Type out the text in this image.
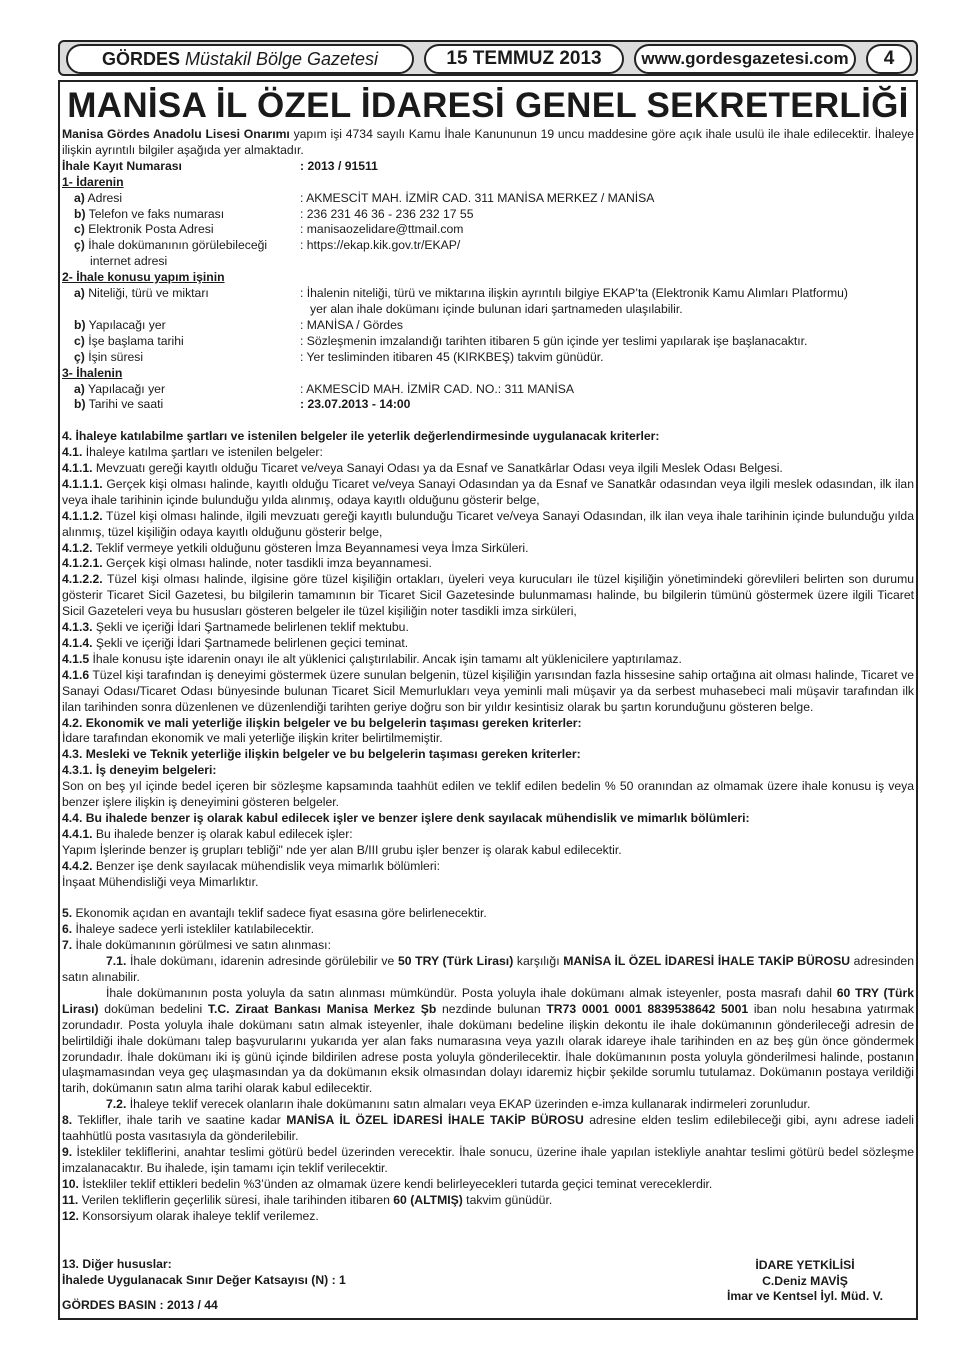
GÖRDES Müstakil Bölge Gazetesi	15 TEMMUZ 2013	www.gordesgazetesi.com	4
MANİSA İL ÖZEL İDARESİ GENEL SEKRETERLİĞİ

Manisa Gördes Anadolu Lisesi Onarımı yapım işi 4734 sayılı Kamu İhale Kanununun 19 uncu maddesine göre açık ihale usulü ile ihale edilecektir. İhaleye ilişkin ayrıntılı bilgiler aşağıda yer almaktadır.

İhale Kayıt Numarası	: 2013 / 91511
1- İdarenin
a) Adresi	: AKMESCİT MAH. İZMİR CAD. 311 MANİSA MERKEZ / MANİSA
b) Telefon ve faks numarası	: 236 231 46 36 - 236 232 17 55
c) Elektronik Posta Adresi	: manisaozelidare@ttmail.com
ç) İhale dokümanının görülebileceği	: https://ekap.kik.gov.tr/EKAP/
internet adresi
2- İhale konusu yapım işinin
a) Niteliği, türü ve miktarı	: İhalenin niteliği, türü ve miktarına ilişkin ayrıntılı bilgiye EKAP’ta (Elektronik Kamu Alımları Platformu)
yer alan ihale dokümanı içinde bulunan idari şartnameden ulaşılabilir.
b) Yapılacağı yer	: MANİSA / Gördes
c) İşe başlama tarihi	: Sözleşmenin imzalandığı tarihten itibaren 5 gün içinde yer teslimi yapılarak işe başlanacaktır.
ç) İşin süresi	: Yer tesliminden itibaren 45 (KIRKBEŞ) takvim günüdür.
3- İhalenin
a) Yapılacağı yer	: AKMESCİD MAH. İZMİR CAD. NO.: 311 MANİSA
b) Tarihi ve saati	: 23.07.2013 - 14:00

4. İhaleye katılabilme şartları ve istenilen belgeler ile yeterlik değerlendirmesinde uygulanacak kriterler:

4.1. İhaleye katılma şartları ve istenilen belgeler:

4.1.1. Mevzuatı gereği kayıtlı olduğu Ticaret ve/veya Sanayi Odası ya da Esnaf ve Sanatkârlar Odası veya ilgili Meslek Odası Belgesi.

4.1.1.1. Gerçek kişi olması halinde, kayıtlı olduğu Ticaret ve/veya Sanayi Odasından ya da Esnaf ve Sanatkâr odasından veya ilgili meslek odasından, ilk ilan veya ihale tarihinin içinde bulunduğu yılda alınmış, odaya kayıtlı olduğunu gösterir belge,

4.1.1.2. Tüzel kişi olması halinde, ilgili mevzuatı gereği kayıtlı bulunduğu Ticaret ve/veya Sanayi Odasından, ilk ilan veya ihale tarihinin içinde bulunduğu yılda alınmış, tüzel kişiliğin odaya kayıtlı olduğunu gösterir belge,

4.1.2. Teklif vermeye yetkili olduğunu gösteren İmza Beyannamesi veya İmza Sirküleri.

4.1.2.1. Gerçek kişi olması halinde, noter tasdikli imza beyannamesi.

4.1.2.2. Tüzel kişi olması halinde, ilgisine göre tüzel kişiliğin ortakları, üyeleri veya kurucuları ile tüzel kişiliğin yönetimindeki görevlileri belirten son durumu gösterir Ticaret Sicil Gazetesi, bu bilgilerin tamamının bir Ticaret Sicil Gazetesinde bulunmaması halinde, bu bilgilerin tümünü göstermek üzere ilgili Ticaret Sicil Gazeteleri veya bu hususları gösteren belgeler ile tüzel kişiliğin noter tasdikli imza sirküleri,

4.1.3. Şekli ve içeriği İdari Şartnamede belirlenen teklif mektubu.

4.1.4. Şekli ve içeriği İdari Şartnamede belirlenen geçici teminat.

4.1.5 İhale konusu işte idarenin onayı ile alt yüklenici çalıştırılabilir. Ancak işin tamamı alt yüklenicilere yaptırılamaz.

4.1.6 Tüzel kişi tarafından iş deneyimi göstermek üzere sunulan belgenin, tüzel kişiliğin yarısından fazla hissesine sahip ortağına ait olması halinde, Ticaret ve Sanayi Odası/Ticaret Odası bünyesinde bulunan Ticaret Sicil Memurlukları veya yeminli mali müşavir ya da serbest muhasebeci mali müşavir tarafından ilk ilan tarihinden sonra düzenlenen ve düzenlendiği tarihten geriye doğru son bir yıldır kesintisiz olarak bu şartın korunduğunu gösteren belge.

4.2. Ekonomik ve mali yeterliğe ilişkin belgeler ve bu belgelerin taşıması gereken kriterler:

İdare tarafından ekonomik ve mali yeterliğe ilişkin kriter belirtilmemiştir.

4.3. Mesleki ve Teknik yeterliğe ilişkin belgeler ve bu belgelerin taşıması gereken kriterler:

4.3.1. İş deneyim belgeleri:

Son on beş yıl içinde bedel içeren bir sözleşme kapsamında taahhüt edilen ve teklif edilen bedelin % 50 oranından az olmamak üzere ihale konusu iş veya benzer işlere ilişkin iş deneyimini gösteren belgeler.

4.4. Bu ihalede benzer iş olarak kabul edilecek işler ve benzer işlere denk sayılacak mühendislik ve mimarlık bölümleri:

4.4.1. Bu ihalede benzer iş olarak kabul edilecek işler:

Yapım İşlerinde benzer iş grupları tebliği" nde yer alan B/III grubu işler benzer iş olarak kabul edilecektir.

4.4.2. Benzer işe denk sayılacak mühendislik veya mimarlık bölümleri:

İnşaat Mühendisliği veya Mimarlıktır.

5. Ekonomik açıdan en avantajlı teklif sadece fiyat esasına göre belirlenecektir.

6. İhaleye sadece yerli istekliler katılabilecektir.

7. İhale dokümanının görülmesi ve satın alınması:

7.1. İhale dokümanı, idarenin adresinde görülebilir ve 50 TRY (Türk Lirası) karşılığı MANİSA İL ÖZEL İDARESİ İHALE TAKİP BÜROSU adresinden satın alınabilir.

İhale dokümanının posta yoluyla da satın alınması mümkündür. Posta yoluyla ihale dokümanı almak isteyenler, posta masrafı dahil 60 TRY (Türk Lirası) doküman bedelini T.C. Ziraat Bankası Manisa Merkez Şb nezdinde bulunan TR73 0001 0001 8839538642 5001 iban nolu hesabına yatırmak zorundadır. Posta yoluyla ihale dokümanı satın almak isteyenler, ihale dokümanı bedeline ilişkin dekontu ile ihale dokümanının gönderileceği adresin de belirtildiği ihale dokümanı talep başvurularını yukarıda yer alan faks numarasına veya yazılı olarak idareye ihale tarihinden en az beş gün önce göndermek zorundadır. İhale dokümanı iki iş günü içinde bildirilen adrese posta yoluyla gönderilecektir. İhale dokümanının posta yoluyla gönderilmesi halinde, postanın ulaşmamasından veya geç ulaşmasından ya da dokümanın eksik olmasından dolayı idaremiz hiçbir şekilde sorumlu tutulamaz. Dokümanın postaya verildiği tarih, dokümanın satın alma tarihi olarak kabul edilecektir.

7.2. İhaleye teklif verecek olanların ihale dokümanını satın almaları veya EKAP üzerinden e-imza kullanarak indirmeleri zorunludur.

8. Teklifler, ihale tarih ve saatine kadar MANİSA İL ÖZEL İDARESİ İHALE TAKİP BÜROSU adresine elden teslim edilebileceği gibi, aynı adrese iadeli taahhütlü posta vasıtasıyla da gönderilebilir.

9. İstekliler tekliflerini, anahtar teslimi götürü bedel üzerinden verecektir. İhale sonucu, üzerine ihale yapılan istekliyle anahtar teslimi götürü bedel sözleşme imzalanacaktır. Bu ihalede, işin tamamı için teklif verilecektir.

10. İstekliler teklif ettikleri bedelin %3’ünden az olmamak üzere kendi belirleyecekleri tutarda geçici teminat vereceklerdir.

11. Verilen tekliflerin geçerlilik süresi, ihale tarihinden itibaren 60 (ALTMIŞ) takvim günüdür.

12. Konsorsiyum olarak ihaleye teklif verilemez.

13. Diğer hususlar:
İhalede Uygulanacak Sınır Değer Katsayısı (N) : 1
GÖRDES BASIN : 2013 / 44
İDARE YETKİLİSİ
C.Deniz MAVİŞ
İmar ve Kentsel İyl. Müd. V.
